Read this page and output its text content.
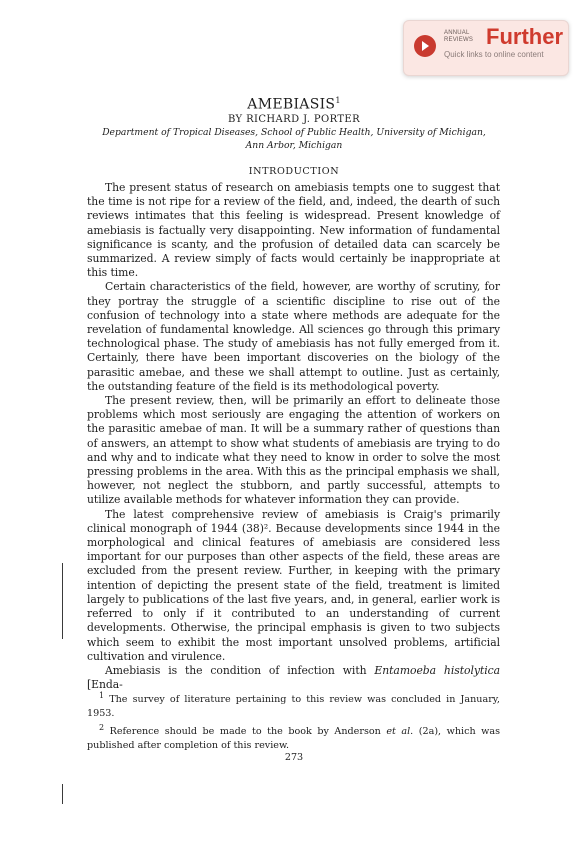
ANNUAL
REVIEWS Further
Quick links to online content
AMEBIASIS$^1$
BY RICHARD J. PORTER
Department of Tropical Diseases, School of Public Health, University of Michigan,
Ann Arbor, Michigan
INTRODUCTION

The present status of research on amebiasis tempts one to suggest that the time is not ripe for a review of the field, and, indeed, the dearth of such reviews intimates that this feeling is widespread. Present knowledge of amebiasis is factually very disappointing. New information of fundamental significance is scanty, and the profusion of detailed data can scarcely be summarized. A review simply of facts would certainly be inappropriate at this time.

Certain characteristics of the field, however, are worthy of scrutiny, for they portray the struggle of a scientific discipline to rise out of the confusion of technology into a state where methods are adequate for the revelation of fundamental knowledge. All sciences go through this primary technological phase. The study of amebiasis has not fully emerged from it. Certainly, there have been important discoveries on the biology of the parasitic amebae, and these we shall attempt to outline. Just as certainly, the outstanding feature of the field is its methodological poverty.

The present review, then, will be primarily an effort to delineate those problems which most seriously are engaging the attention of workers on the parasitic amebae of man. It will be a summary rather of questions than of answers, an attempt to show what students of amebiasis are trying to do and why and to indicate what they need to know in order to solve the most pressing problems in the area. With this as the principal emphasis we shall, however, not neglect the stubborn, and partly successful, attempts to utilize available methods for whatever information they can provide.

The latest comprehensive review of amebiasis is Craig's primarily clinical monograph of 1944 (38)². Because developments since 1944 in the morphological and clinical features of amebiasis are considered less important for our purposes than other aspects of the field, these areas are excluded from the present review. Further, in keeping with the primary intention of depicting the present state of the field, treatment is limited largely to publications of the last five years, and, in general, earlier work is referred to only if it contributed to an understanding of current developments. Otherwise, the principal emphasis is given to two subjects which seem to exhibit the most important unsolved problems, artificial cultivation and virulence.

Amebiasis is the condition of infection with Entamoeba histolytica [Enda-

$^1$ The survey of literature pertaining to this review was concluded in January, 1953.

$^2$ Reference should be made to the book by Anderson et al. (2a), which was published after completion of this review.

273
